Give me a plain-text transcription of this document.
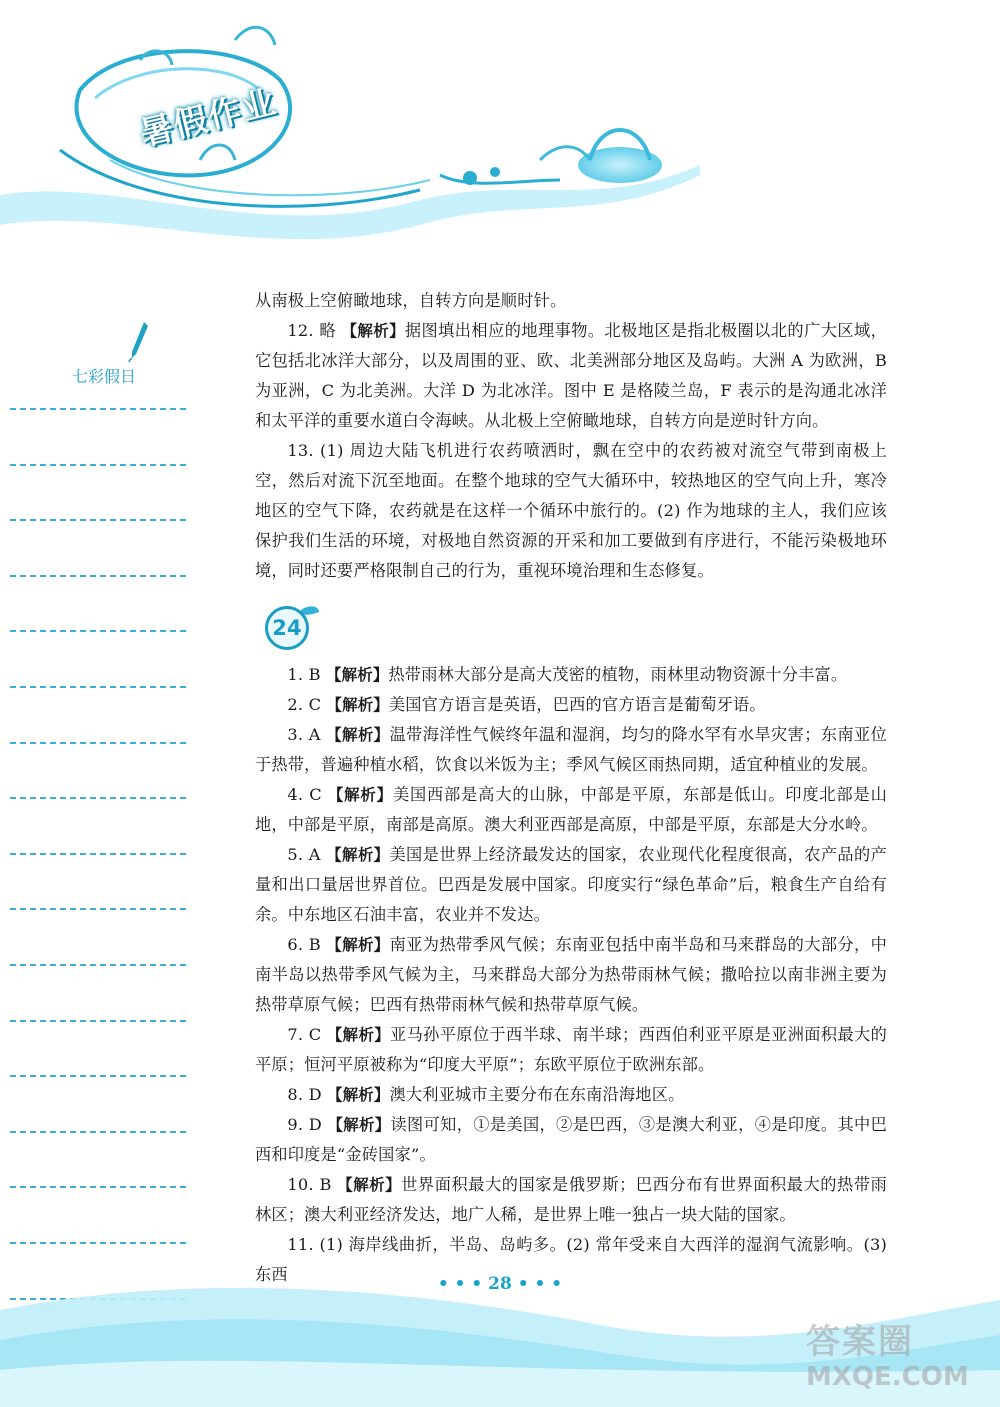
暑假作业
七彩假日

从南极上空俯瞰地球，自转方向是顺时针。

12. 略 【解析】据图填出相应的地理事物。北极地区是指北极圈以北的广大区域，它包括北冰洋大部分，以及周围的亚、欧、北美洲部分地区及岛屿。大洲 A 为欧洲，B 为亚洲，C 为北美洲。大洋 D 为北冰洋。图中 E 是格陵兰岛，F 表示的是沟通北冰洋和太平洋的重要水道白令海峡。从北极上空俯瞰地球，自转方向是逆时针方向。

13. (1) 周边大陆飞机进行农药喷洒时，飘在空中的农药被对流空气带到南极上空，然后对流下沉至地面。在整个地球的空气大循环中，较热地区的空气向上升，寒冷地区的空气下降，农药就是在这样一个循环中旅行的。(2) 作为地球的主人，我们应该保护我们生活的环境，对极地自然资源的开采和加工要做到有序进行，不能污染极地环境，同时还要严格限制自己的行为，重视环境治理和生态修复。

24

1. B 【解析】热带雨林大部分是高大茂密的植物，雨林里动物资源十分丰富。

2. C 【解析】美国官方语言是英语，巴西的官方语言是葡萄牙语。

3. A 【解析】温带海洋性气候终年温和湿润，均匀的降水罕有水旱灾害；东南亚位于热带，普遍种植水稻，饮食以米饭为主；季风气候区雨热同期，适宜种植业的发展。

4. C 【解析】美国西部是高大的山脉，中部是平原，东部是低山。印度北部是山地，中部是平原，南部是高原。澳大利亚西部是高原，中部是平原，东部是大分水岭。

5. A 【解析】美国是世界上经济最发达的国家，农业现代化程度很高，农产品的产量和出口量居世界首位。巴西是发展中国家。印度实行“绿色革命”后，粮食生产自给有余。中东地区石油丰富，农业并不发达。

6. B 【解析】南亚为热带季风气候；东南亚包括中南半岛和马来群岛的大部分，中南半岛以热带季风气候为主，马来群岛大部分为热带雨林气候；撒哈拉以南非洲主要为热带草原气候；巴西有热带雨林气候和热带草原气候。

7. C 【解析】亚马孙平原位于西半球、南半球；西西伯利亚平原是亚洲面积最大的平原；恒河平原被称为“印度大平原”；东欧平原位于欧洲东部。

8. D 【解析】澳大利亚城市主要分布在东南沿海地区。

9. D 【解析】读图可知，①是美国，②是巴西，③是澳大利亚，④是印度。其中巴西和印度是“金砖国家”。

10. B 【解析】世界面积最大的国家是俄罗斯；巴西分布有世界面积最大的热带雨林区；澳大利亚经济发达，地广人稀，是世界上唯一独占一块大陆的国家。

11. (1) 海岸线曲折，半岛、岛屿多。(2) 常年受来自大西洋的湿润气流影响。(3) 东西	• • • 28 • • •
答案圈
MXQE.COM
